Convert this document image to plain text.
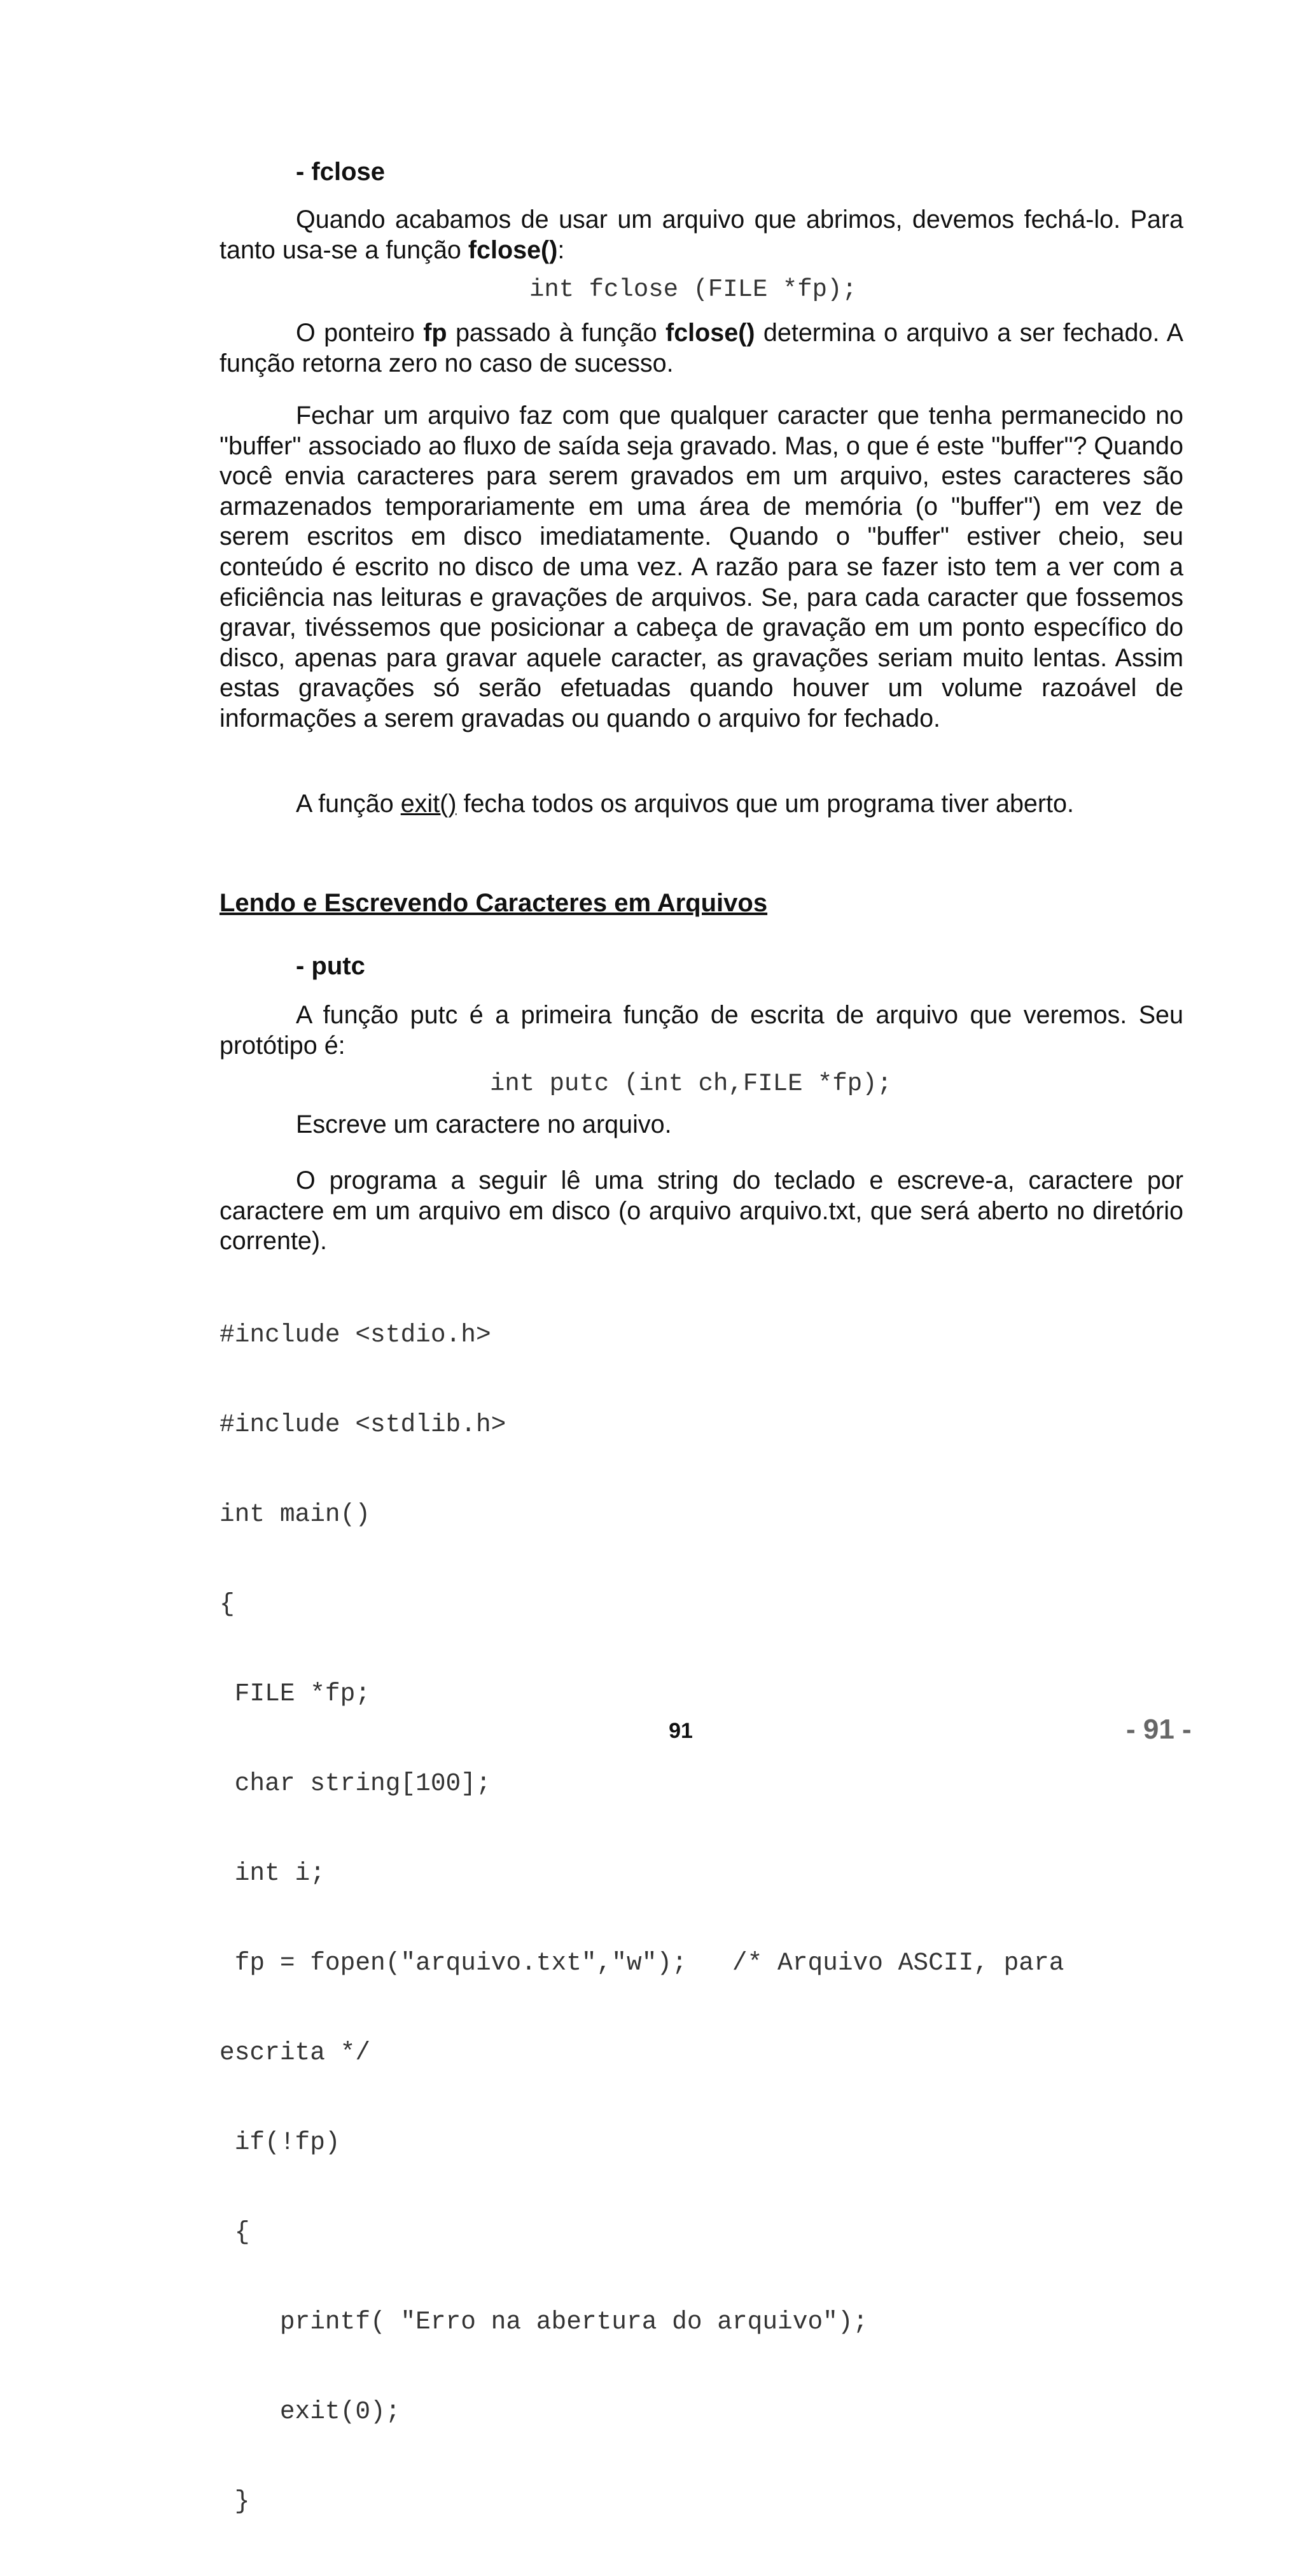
- fclose
Quando acabamos de usar um arquivo que abrimos, devemos fechá-lo. Para tanto usa-se a função fclose():
int fclose (FILE *fp);
O ponteiro fp passado à função fclose() determina o arquivo a ser fechado. A função retorna zero no caso de sucesso.
Fechar um arquivo faz com que qualquer caracter que tenha permanecido no "buffer" associado ao fluxo de saída seja gravado. Mas, o que é este "buffer"? Quando você envia caracteres para serem gravados em um arquivo, estes caracteres são armazenados temporariamente em uma área de memória (o "buffer") em vez de serem escritos em disco imediatamente. Quando o "buffer" estiver cheio, seu conteúdo é escrito no disco de uma vez. A razão para se fazer isto tem a ver com a eficiência nas leituras e gravações de arquivos. Se, para cada caracter que fossemos gravar, tivéssemos que posicionar a cabeça de gravação em um ponto específico do disco, apenas para gravar aquele caracter, as gravações seriam muito lentas. Assim estas gravações só serão efetuadas quando houver um volume razoável de informações a serem gravadas ou quando o arquivo for fechado.
A função exit() fecha todos os arquivos que um programa tiver aberto.
Lendo e Escrevendo Caracteres em Arquivos
- putc
A função putc é a primeira função de escrita de arquivo que veremos. Seu protótipo é:
int putc (int ch,FILE *fp);
Escreve um caractere no arquivo.
O programa a seguir lê uma string do teclado e escreve-a, caractere por caractere em um arquivo em disco (o arquivo arquivo.txt, que será aberto no diretório corrente).

#include <stdio.h>

#include <stdlib.h>

int main()

{

FILE *fp;

char string[100];

int i;

fp = fopen("arquivo.txt","w");   /* Arquivo ASCII, para

escrita */

if(!fp)

{

printf( "Erro na abertura do arquivo");

exit(0);

}

91	- 91 -
